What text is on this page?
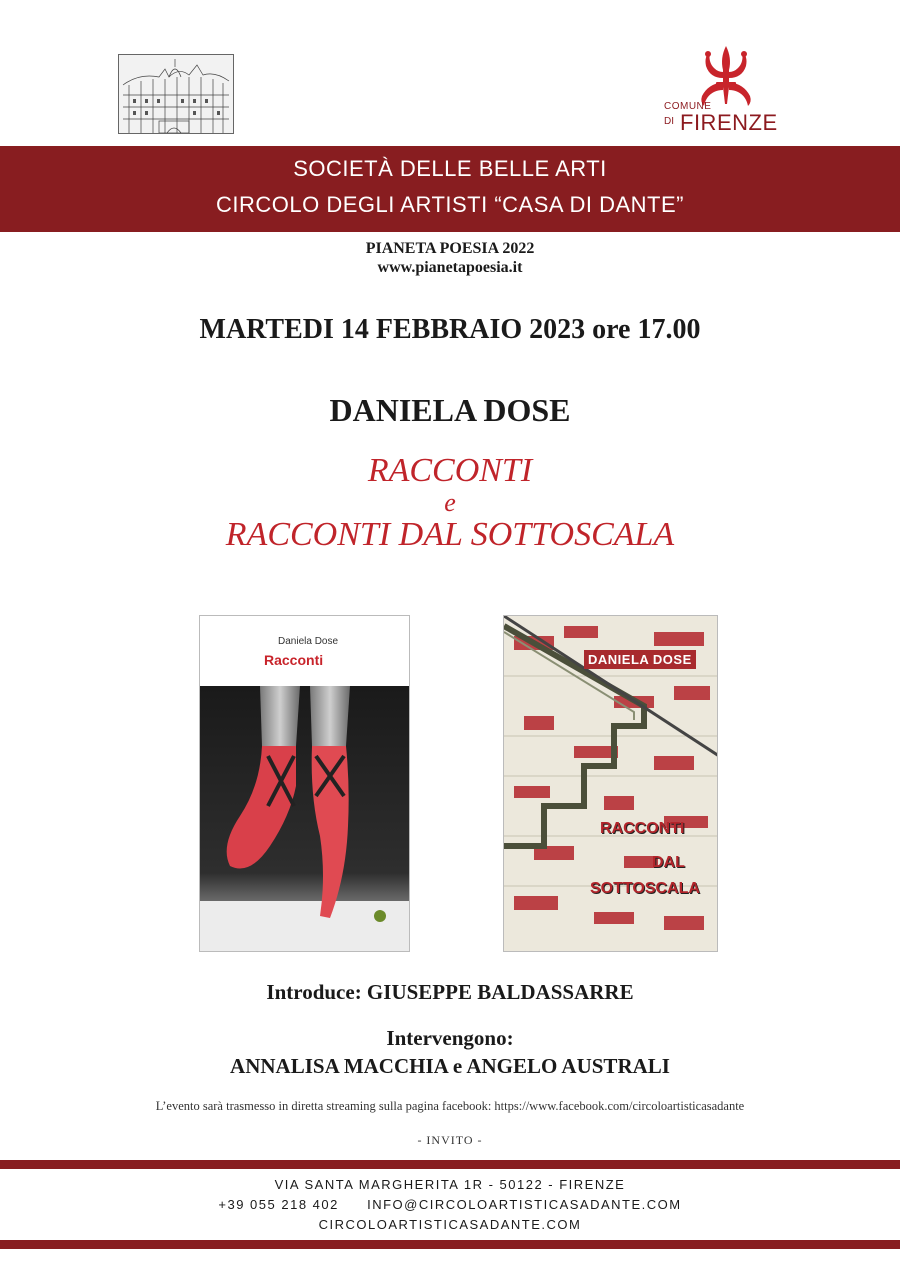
COMUNE
DI FIRENZE
SOCIETÀ DELLE BELLE ARTI
CIRCOLO DEGLI ARTISTI “CASA DI DANTE”
PIANETA POESIA 2022
www.pianetapoesia.it
MARTEDI 14 FEBBRAIO 2023 ore 17.00
DANIELA DOSE
RACCONTI
e
RACCONTI DAL SOTTOSCALA
Daniela Dose
Racconti	DANIELA DOSE
RACCONTI
DAL
SOTTOSCALA
Introduce: GIUSEPPE BALDASSARRE
Intervengono:
ANNALISA MACCHIA e ANGELO AUSTRALI
L’evento sarà trasmesso in diretta streaming sulla pagina facebook: https://www.facebook.com/circoloartisticasadante
- INVITO -
VIA SANTA MARGHERITA 1R - 50122 - FIRENZE
+39 055 218 402 INFO@CIRCOLOARTISTICASADANTE.COM
CIRCOLOARTISTICASADANTE.COM
